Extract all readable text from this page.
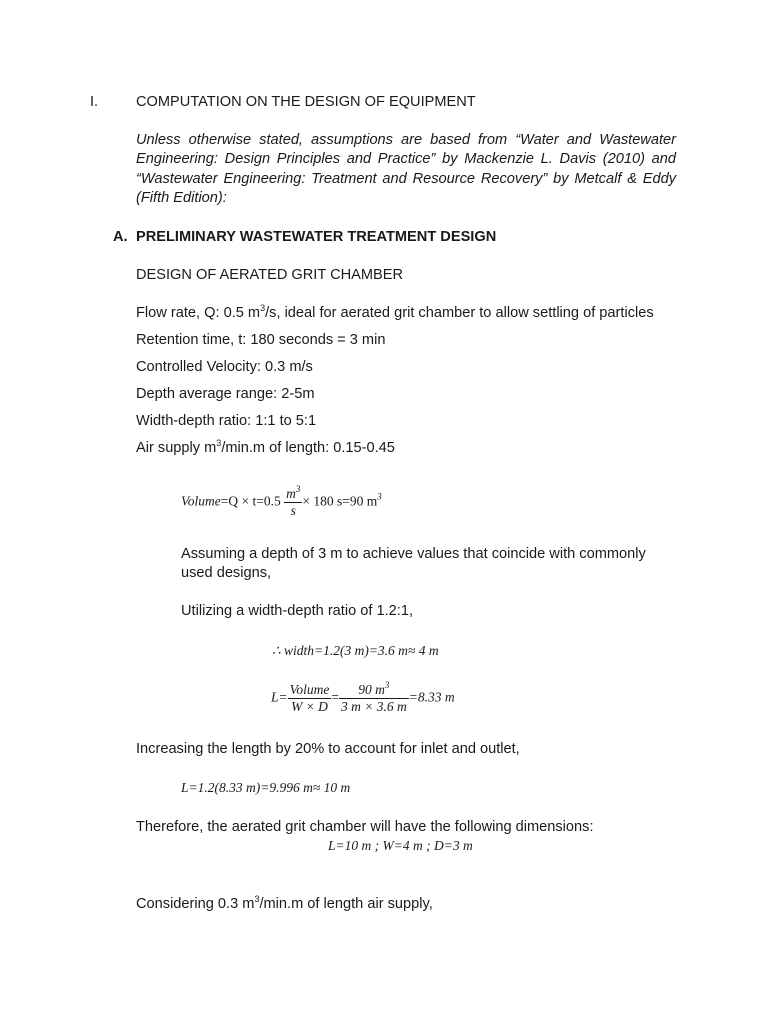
I.	COMPUTATION ON THE DESIGN OF EQUIPMENT
Unless otherwise stated, assumptions are based from “Water and Wastewater Engineering: Design Principles and Practice” by Mackenzie L. Davis (2010) and “Wastewater Engineering: Treatment and Resource Recovery” by Metcalf & Eddy (Fifth Edition):
A. PRELIMINARY WASTEWATER TREATMENT DESIGN
DESIGN OF AERATED GRIT CHAMBER
Flow rate, Q: 0.5 $m^3/s$, ideal for aerated grit chamber to allow settling of particles
Retention time, t: 180 seconds = 3 min
Controlled Velocity: 0.3 m/s
Depth average range: 2-5m
Width-depth ratio: 1:1 to 5:1
Air supply $m^3/\min.m$ of length: 0.15-0.45
Volume=Q × $t=0.5 \frac{m^3}{s} \times 180$ s=90 $m^3$
Assuming a depth of 3 m to achieve values that coincide with commonly used designs,
Utilizing a width-depth ratio of 1.2:1,
∴ width=1.2(3 m)=3.6 m≈ 4 m
$L= \frac{\text{Volume}}{W \times D} = \frac{90 m^3}{3 m \times 3.6 m} =8.33$ m
Increasing the length by 20% to account for inlet and outlet,
L=1.2(8.33 m)=9.996 m≈ 10 m
Therefore, the aerated grit chamber will have the following dimensions:
L=10 m ; W=4 m ; D=3 m
Considering 0.3 $m^3/\min.m$ of length air supply,
